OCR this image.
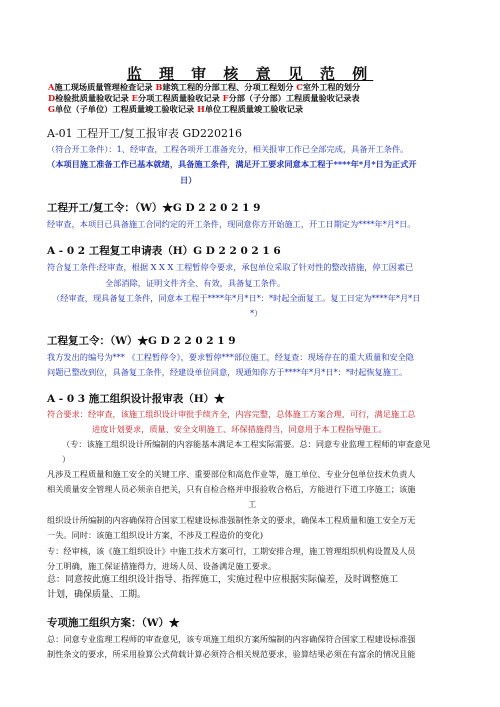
监 理 审 核 意 见 范 例
A施工现场质量管理检查记录 B建筑工程的分部工程、分项工程划分 C室外工程的划分
D检验批质量验收记录 E分项工程质量验收记录 F分部（子分部）工程质量验收记录表
G单位（子单位）工程质量竣工验收记录 H单位工程质量竣工验收记录
A-01 工程开工/复工报审表 GD220216
（符合开工条件）：1、经审查，工程各项开工准备充分，相关报审工作已全部完成，具备开工条件。
（本项目施工准备工作已基本就绪，具备施工条件，满足开工要求同意本工程于****年*月*日为正式开
日）
工程开工/复工令：（W）★G D 2 2 0 2 1 9
经审查，本项目已具备施工合同约定的开工条件，现同意你方开始施工，开工日期定为****年*月*日。
A - 0 2 工程复工申请表（H）G D 2 2 0 2 1 6
符合复工条件:经审查，根据 X X X 工程暂停令要求，承包单位采取了针对性的整改措施，停工因素已
全部消除，证明文件齐全、有效，具备复工条件。
（经审查，现具备复工条件，同意本工程于****年*月*日*：*时起全面复工。复工日定为****年*月*日
*）
工程复工令：（W）★G D 2 2 0 2 1 9
我方发出的编号为*** 《工程暂停令》，要求暂停***部位施工，经复查：现场存在的重大质量和安全隐
问题已整改到位，具备复工条件，经建设单位同意，现通知你方于****年*月*日*：*时起恢复施工。
A - 0 3 施工组织设计报审表（H）★
符合要求：经审查，该施工组织设计审批手续齐全，内容完整，总体施工方案合理、可行，满足施工总
进度计划要求，质量、安全文明施工、环保措施得当，同意用于本工程指导施工。
（专：该施工组织设计所编制的内容能基本满足本工程实际需要。总：同意专业监理工程师的审查意见
）
凡涉及工程质量和施工安全的关键工序、重要部位和高危作业等，施工单位、专业分包单位技术负责人
相关质量安全管理人员必须亲自把关，只有自检合格并申报验收合格后，方能进行下道工序施工；该施
工
组织设计所编制的内容确保符合国家工程建设标准强制性条文的要求，确保本工程质量和施工安全万无
一失。同时：该施工组织设计方案，不涉及工程造价的变化)
专：经审核，该《施工组织设计》中施工技术方案可行，工期安排合理，施工管理组织机构设置及人员
分工明确，施工保证措施得力，进场人员、设备满足施工要求。
总：同意按此施工组织设计指导、指挥施工，实施过程中应根据实际偏差，及时调整施工
计划，确保质量、工期。
专项施工组织方案：（W）★
总：同意专业监理工程师的审查意见，该专项施工组织方案所编制的内容确保符合国家工程建设标准强
制性条文的要求，所采用验算公式荷载计算必须符合相关规范要求，验算结果必须在有富余的情况且能
